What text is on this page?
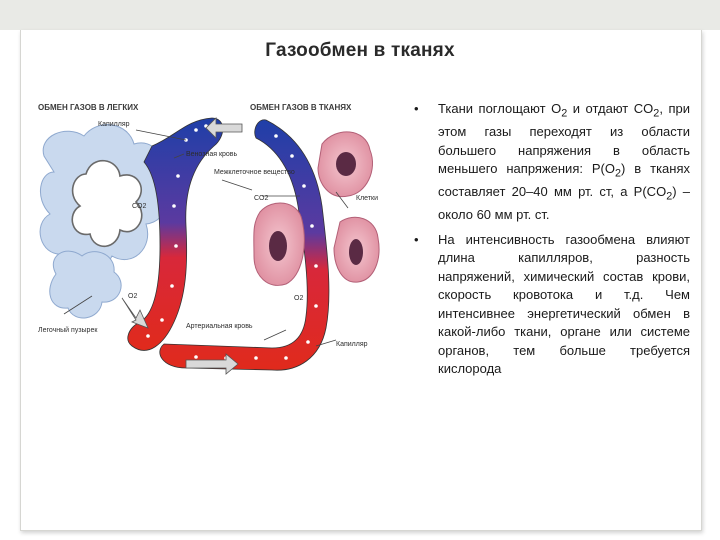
Газообмен в тканях
ОБМЕН ГАЗОВ В ЛЕГКИХ	ОБМЕН ГАЗОВ В ТКАНЯХ
Капилляр
Венозная кровь
Межклеточное вещество
CO2
O2
CO2
O2
Клетки
Легочный пузырек
Артериальная кровь
Капилляр
• Ткани поглощают $O_2$ и отдают $CO_2$, при этом газы переходят из области большего напряжения в область меньшего напряжения: $P(O_2)$ в тканях составляет 20–40 мм рт. ст, а $P(CO_2)$ – около 60 мм рт. ст.
• На интенсивность газообмена влияют длина капилляров, разность напряжений, химический состав крови, скорость кровотока и т.д. Чем интенсивнее энергетический обмен в какой-либо ткани, органе или системе органов, тем больше требуется кислорода
